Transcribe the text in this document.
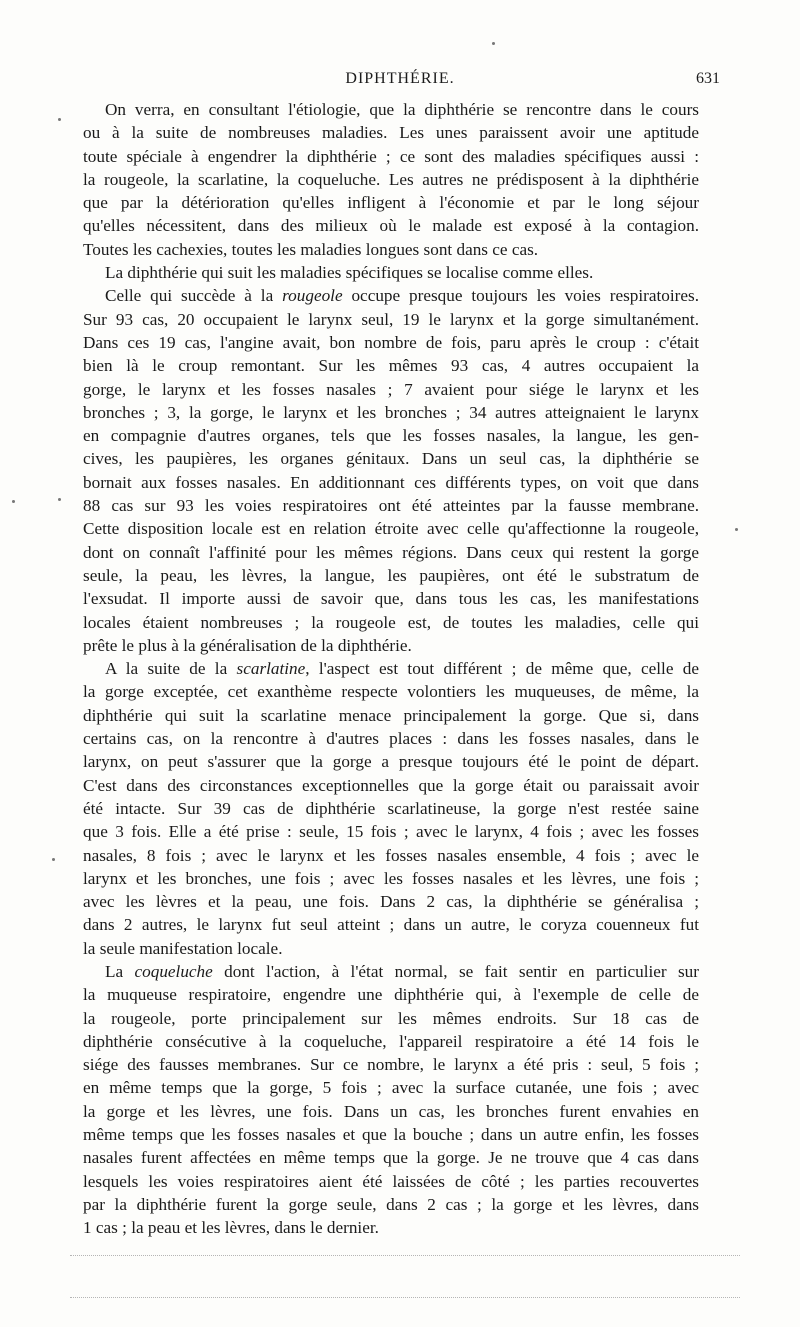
DIPHTHÉRIE.	631
On verra, en consultant l'étiologie, que la diphthérie se rencontre dans le cours
ou à la suite de nombreuses maladies. Les unes paraissent avoir une aptitude
toute spéciale à engendrer la diphthérie ; ce sont des maladies spécifiques aussi :
la rougeole, la scarlatine, la coqueluche. Les autres ne prédisposent à la diphthérie
que par la détérioration qu'elles infligent à l'économie et par le long séjour
qu'elles nécessitent, dans des milieux où le malade est exposé à la contagion.
Toutes les cachexies, toutes les maladies longues sont dans ce cas.
La diphthérie qui suit les maladies spécifiques se localise comme elles.
Celle qui succède à la rougeole occupe presque toujours les voies respiratoires.
Sur 93 cas, 20 occupaient le larynx seul, 19 le larynx et la gorge simultanément.
Dans ces 19 cas, l'angine avait, bon nombre de fois, paru après le croup : c'était
bien là le croup remontant. Sur les mêmes 93 cas, 4 autres occupaient la
gorge, le larynx et les fosses nasales ; 7 avaient pour siége le larynx et les
bronches ; 3, la gorge, le larynx et les bronches ; 34 autres atteignaient le larynx
en compagnie d'autres organes, tels que les fosses nasales, la langue, les gen-
cives, les paupières, les organes génitaux. Dans un seul cas, la diphthérie se
bornait aux fosses nasales. En additionnant ces différents types, on voit que dans
88 cas sur 93 les voies respiratoires ont été atteintes par la fausse membrane.
Cette disposition locale est en relation étroite avec celle qu'affectionne la rougeole,
dont on connaît l'affinité pour les mêmes régions. Dans ceux qui restent la gorge
seule, la peau, les lèvres, la langue, les paupières, ont été le substratum de
l'exsudat. Il importe aussi de savoir que, dans tous les cas, les manifestations
locales étaient nombreuses ; la rougeole est, de toutes les maladies, celle qui
prête le plus à la généralisation de la diphthérie.
A la suite de la scarlatine, l'aspect est tout différent ; de même que, celle de
la gorge exceptée, cet exanthème respecte volontiers les muqueuses, de même, la
diphthérie qui suit la scarlatine menace principalement la gorge. Que si, dans
certains cas, on la rencontre à d'autres places : dans les fosses nasales, dans le
larynx, on peut s'assurer que la gorge a presque toujours été le point de départ.
C'est dans des circonstances exceptionnelles que la gorge était ou paraissait avoir
été intacte. Sur 39 cas de diphthérie scarlatineuse, la gorge n'est restée saine
que 3 fois. Elle a été prise : seule, 15 fois ; avec le larynx, 4 fois ; avec les fosses
nasales, 8 fois ; avec le larynx et les fosses nasales ensemble, 4 fois ; avec le
larynx et les bronches, une fois ; avec les fosses nasales et les lèvres, une fois ;
avec les lèvres et la peau, une fois. Dans 2 cas, la diphthérie se généralisa ;
dans 2 autres, le larynx fut seul atteint ; dans un autre, le coryza couenneux fut
la seule manifestation locale.
La coqueluche dont l'action, à l'état normal, se fait sentir en particulier sur
la muqueuse respiratoire, engendre une diphthérie qui, à l'exemple de celle de
la rougeole, porte principalement sur les mêmes endroits. Sur 18 cas de
diphthérie consécutive à la coqueluche, l'appareil respiratoire a été 14 fois le
siége des fausses membranes. Sur ce nombre, le larynx a été pris : seul, 5 fois ;
en même temps que la gorge, 5 fois ; avec la surface cutanée, une fois ; avec
la gorge et les lèvres, une fois. Dans un cas, les bronches furent envahies en
même temps que les fosses nasales et que la bouche ; dans un autre enfin, les fosses
nasales furent affectées en même temps que la gorge. Je ne trouve que 4 cas dans
lesquels les voies respiratoires aient été laissées de côté ; les parties recouvertes
par la diphthérie furent la gorge seule, dans 2 cas ; la gorge et les lèvres, dans
1 cas ; la peau et les lèvres, dans le dernier.
